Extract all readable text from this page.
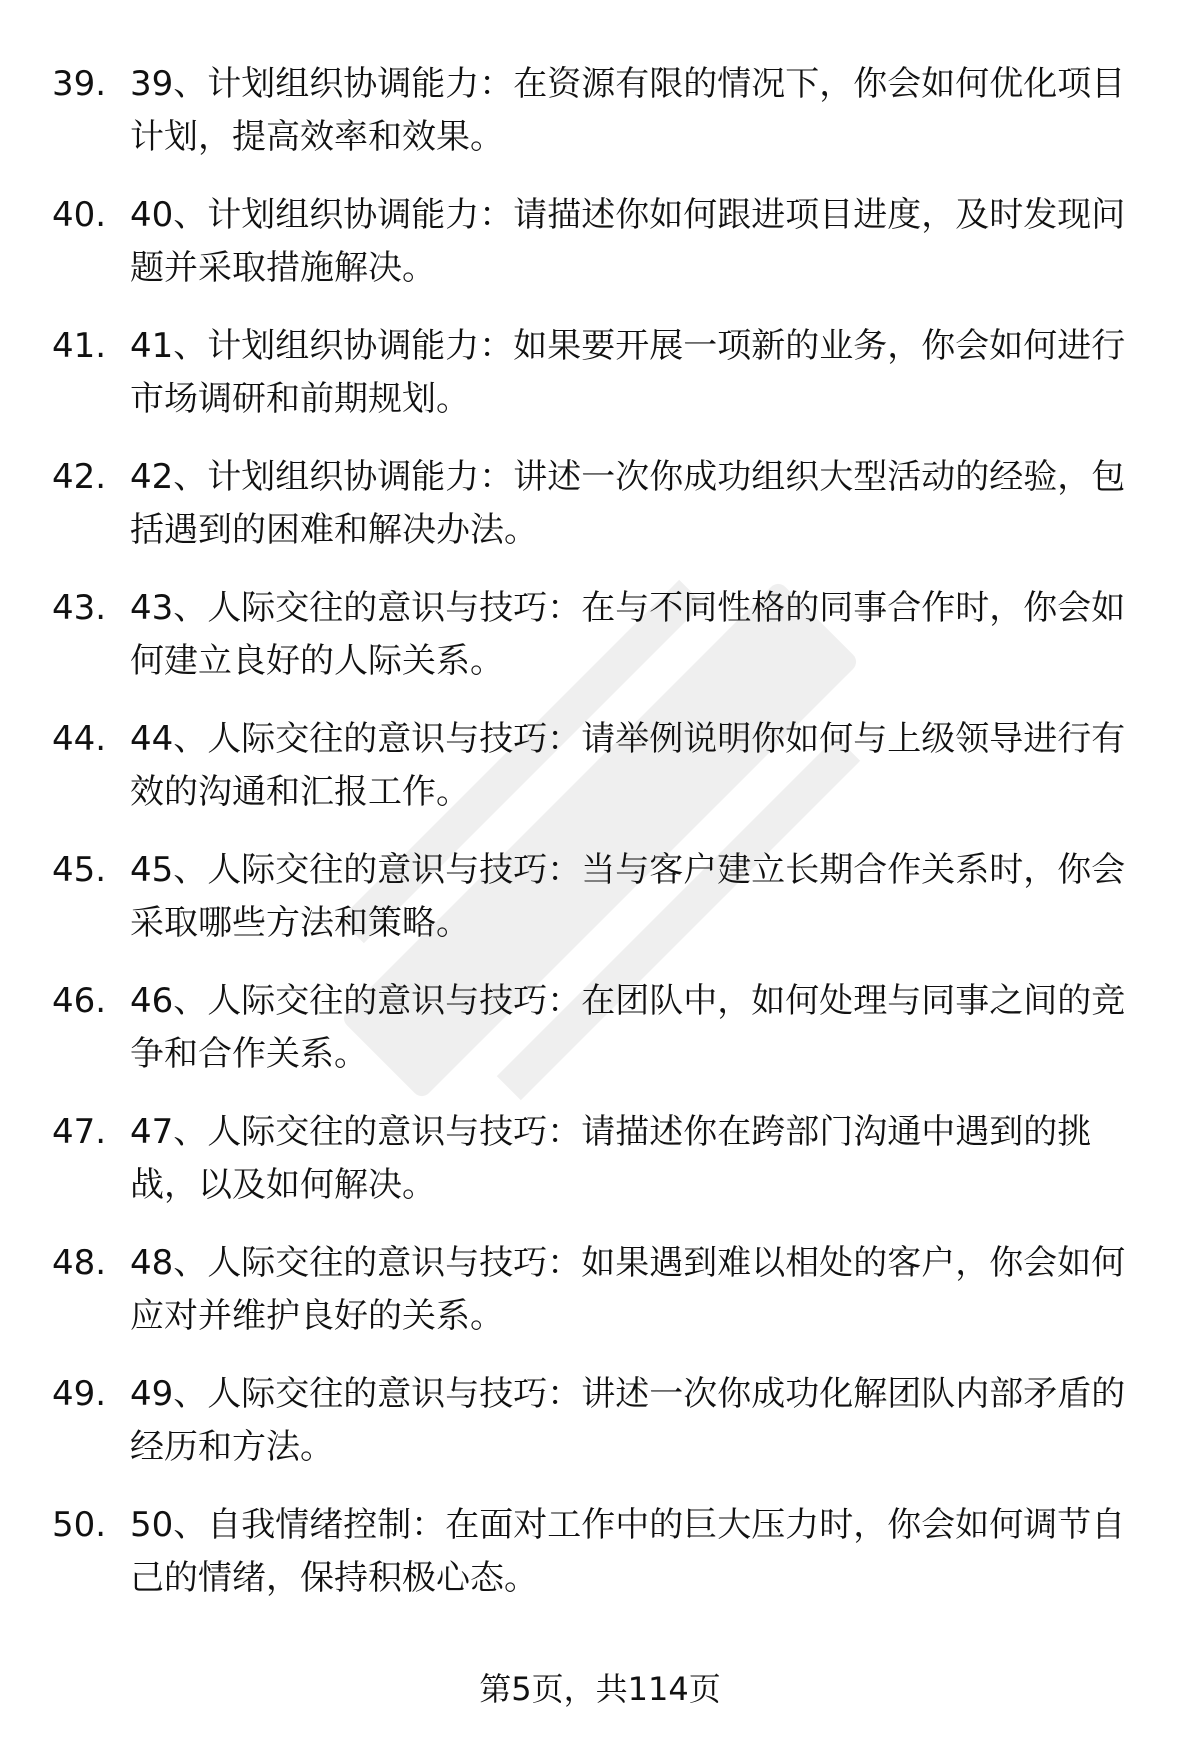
39. 39、计划组织协调能力：在资源有限的情况下，你会如何优化项目计划，提高效率和效果。
40. 40、计划组织协调能力：请描述你如何跟进项目进度，及时发现问题并采取措施解决。
41. 41、计划组织协调能力：如果要开展一项新的业务，你会如何进行市场调研和前期规划。
42. 42、计划组织协调能力：讲述一次你成功组织大型活动的经验，包括遇到的困难和解决办法。
43. 43、人际交往的意识与技巧：在与不同性格的同事合作时，你会如何建立良好的人际关系。
44. 44、人际交往的意识与技巧：请举例说明你如何与上级领导进行有效的沟通和汇报工作。
45. 45、人际交往的意识与技巧：当与客户建立长期合作关系时，你会采取哪些方法和策略。
46. 46、人际交往的意识与技巧：在团队中，如何处理与同事之间的竞争和合作关系。
47. 47、人际交往的意识与技巧：请描述你在跨部门沟通中遇到的挑战，以及如何解决。
48. 48、人际交往的意识与技巧：如果遇到难以相处的客户，你会如何应对并维护良好的关系。
49. 49、人际交往的意识与技巧：讲述一次你成功化解团队内部矛盾的经历和方法。
50. 50、自我情绪控制：在面对工作中的巨大压力时，你会如何调节自己的情绪，保持积极心态。
第5页，共114页
